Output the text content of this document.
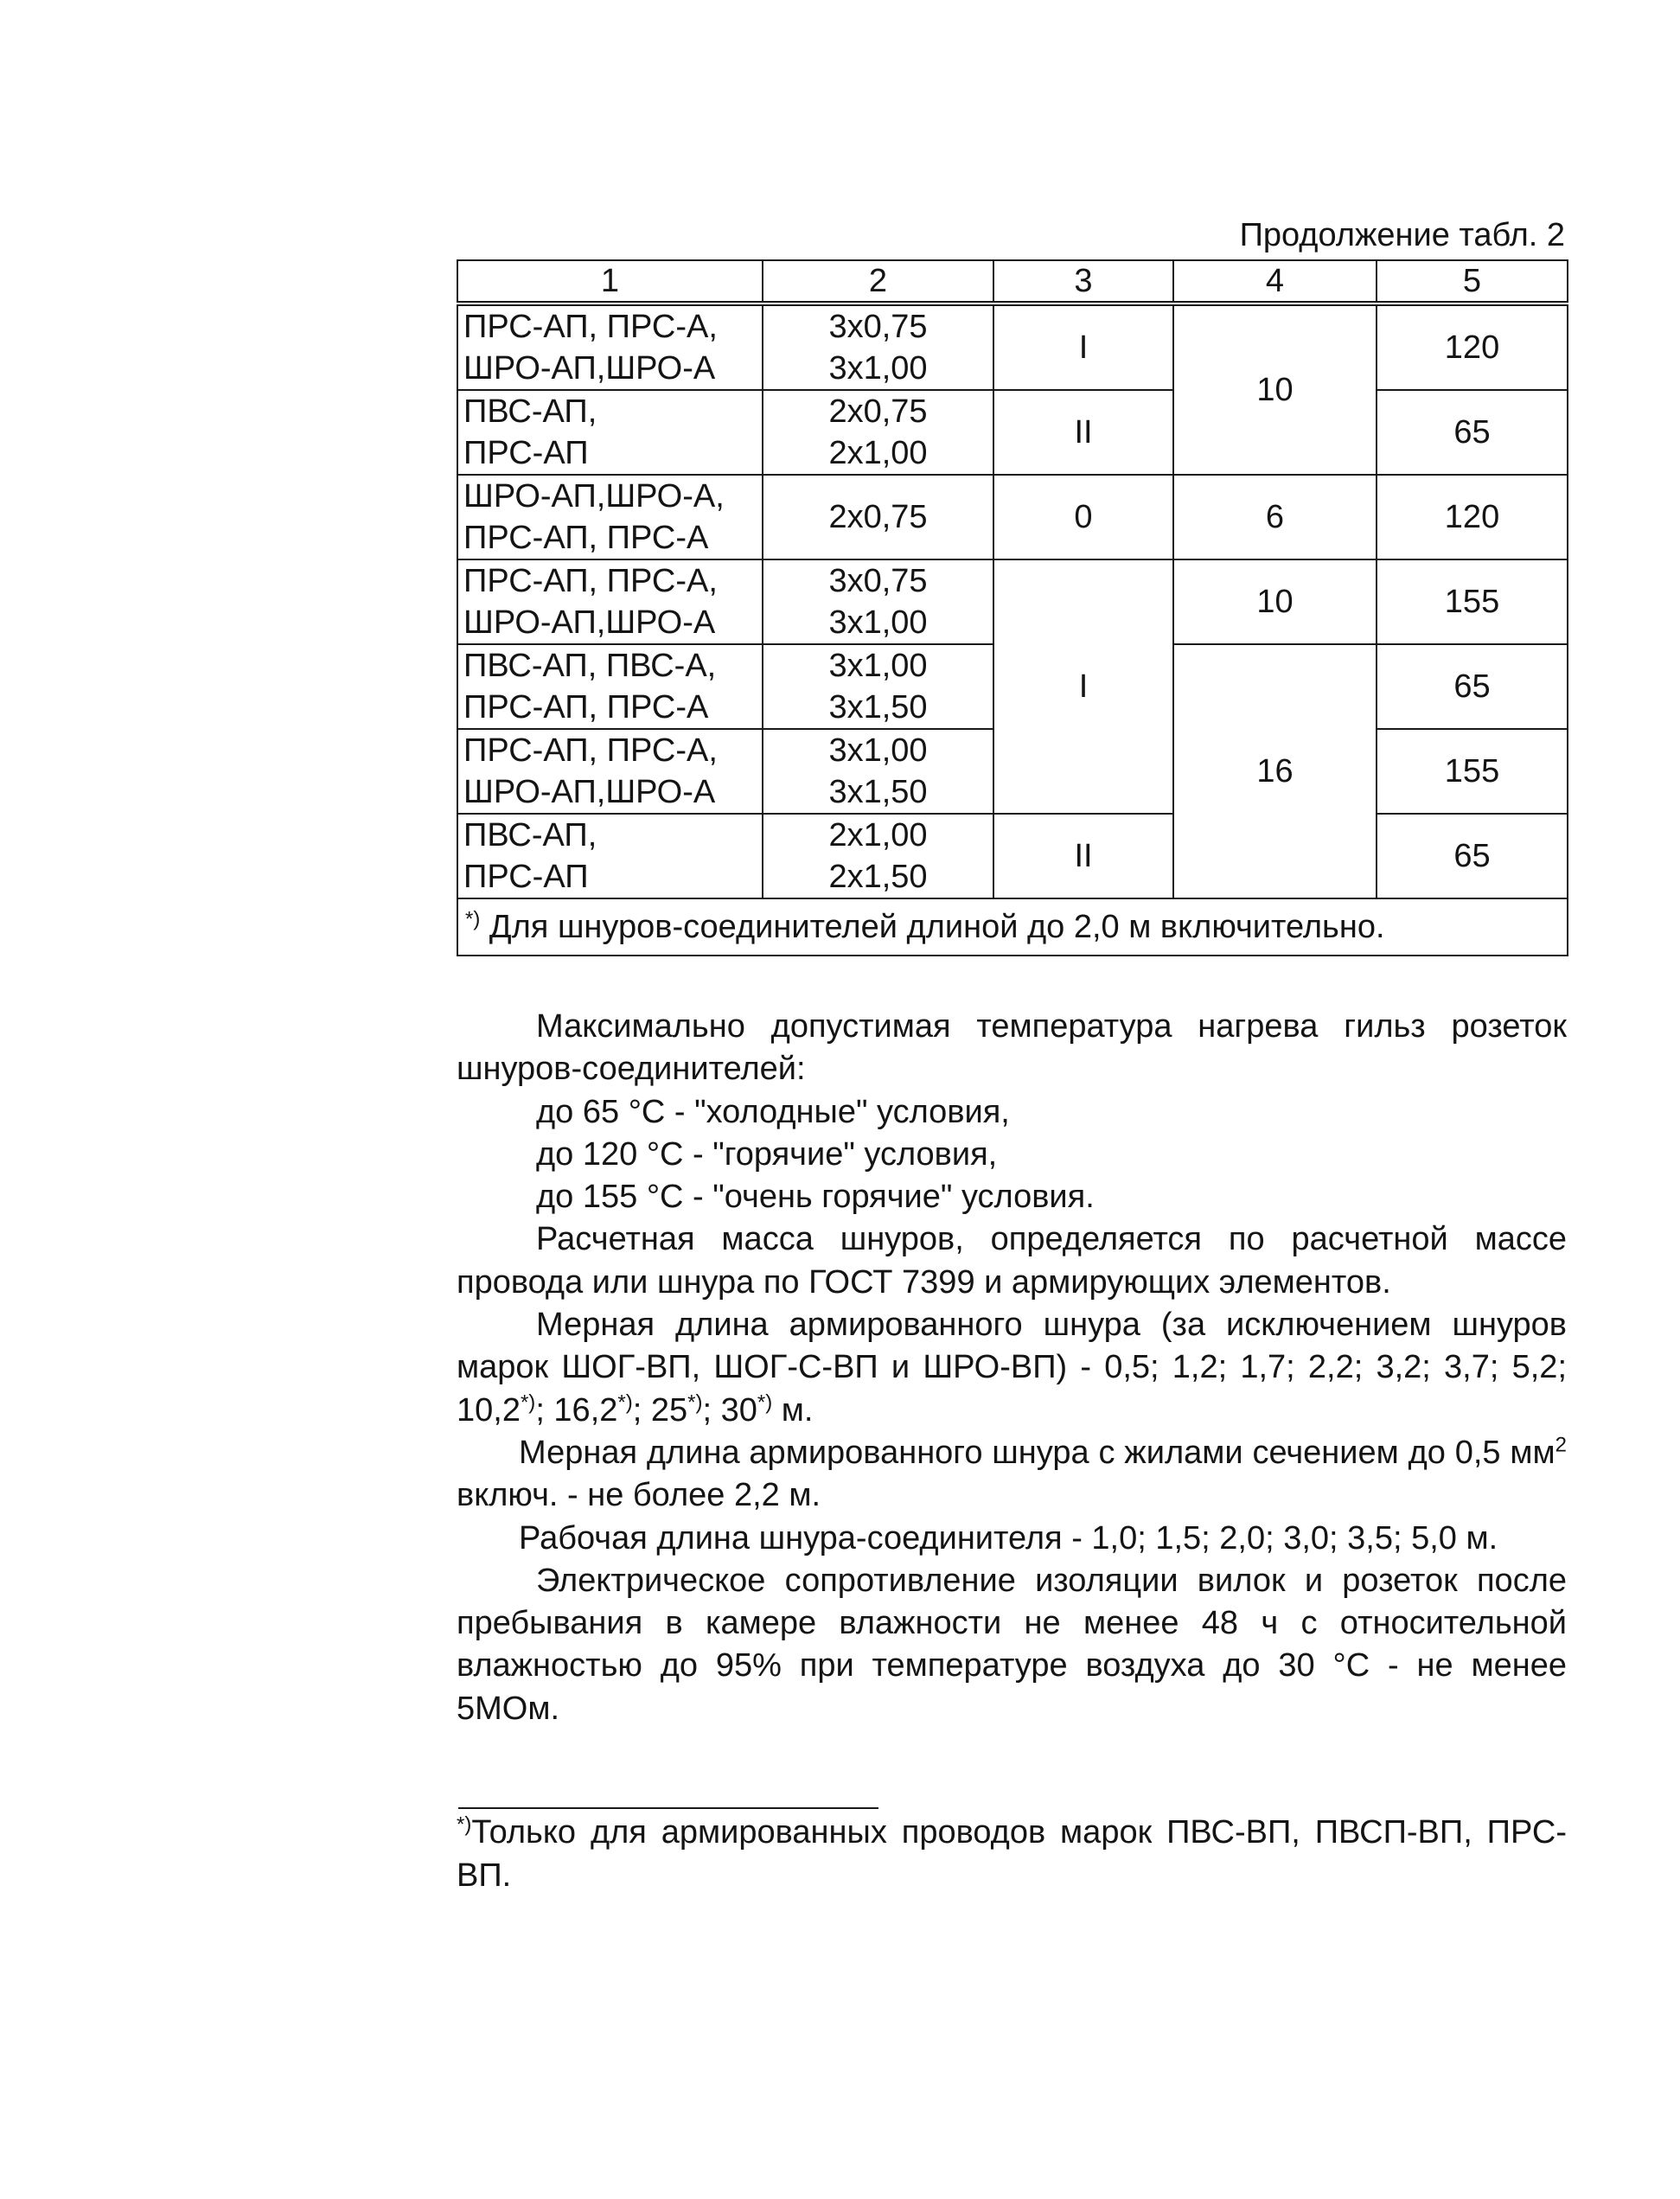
Продолжение табл. 2
1	2	3	4	5

ПРС-АП, ПРС-А,
ШРО-АП,ШРО-А	3х0,75
3х1,00	I	10	120

ПВС-АП,
ПРС-АП	2х0,75
2х1,00	II		65

ШРО-АП,ШРО-А,
ПРС-АП, ПРС-А	2х0,75	0	6	120

ПРС-АП, ПРС-А,
ШРО-АП,ШРО-А	3х0,75
3х1,00	I	10	155

ПВС-АП, ПВС-А,
ПРС-АП, ПРС-А	3х1,00
3х1,50		16	65

ПРС-АП, ПРС-А,
ШРО-АП,ШРО-А	3х1,00
3х1,50			155

ПВС-АП,
ПРС-АП	2х1,00
2х1,50	II		65
*) Для шнуров-соединителей длиной до 2,0 м включительно.				

Максимально допустимая температура нагрева гильз розеток шнуров-соединителей:

до 65 °С - "холодные" условия,

до 120 °С - "горячие" условия,

до 155 °С - "очень горячие" условия.

Расчетная масса шнуров, определяется по расчетной массе провода или шнура по ГОСТ 7399 и армирующих элементов.

Мерная длина армированного шнура (за исключением шнуров марок ШОГ-ВП, ШОГ-С-ВП и ШРО-ВП) - 0,5; 1,2; 1,7; 2,2; 3,2; 3,7; 5,2; 10,2*); 16,2*); 25*); 30*) м.

Мерная длина армированного шнура с жилами сечением до 0,5 $мм^2$ включ. - не более 2,2 м.

Рабочая длина шнура-соединителя - 1,0; 1,5; 2,0; 3,0; 3,5; 5,0 м.

Электрическое сопротивление изоляции вилок и розеток после пребывания в камере влажности не менее 48 ч с относительной влажностью до 95% при температуре воздуха до 30 °С - не менее 5МОм.

*)Только для армированных проводов марок ПВС-ВП, ПВСП-ВП, ПРС-ВП.
